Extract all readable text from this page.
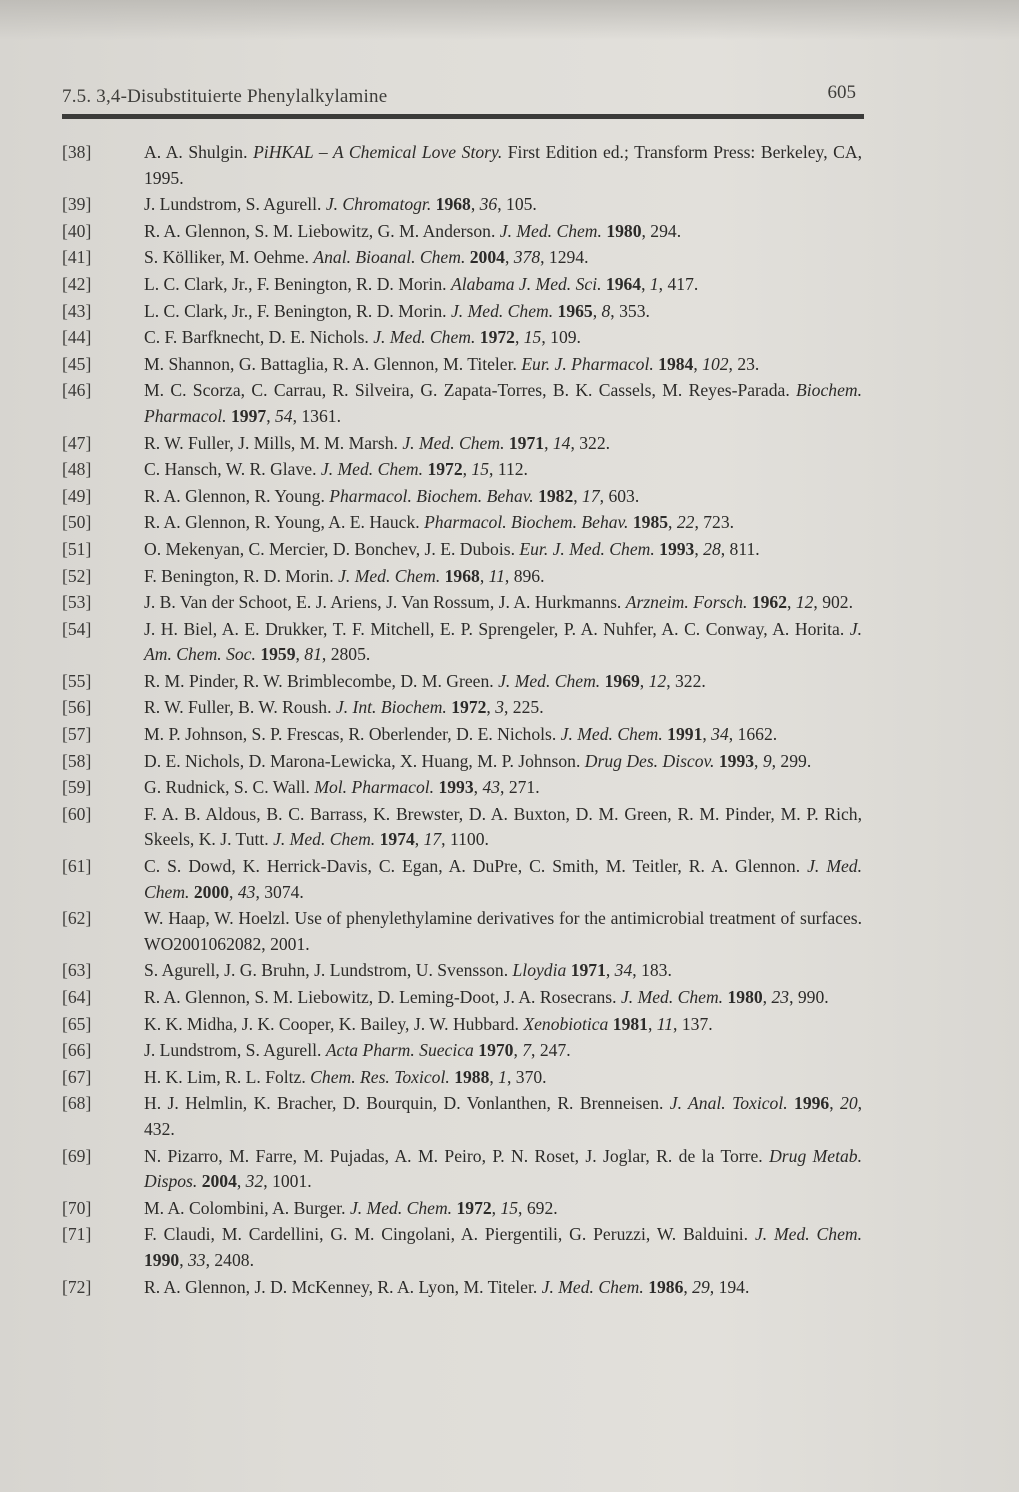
7.5. 3,4-Disubstituierte Phenylalkylamine	605
[38]	A. A. Shulgin. PiHKAL – A Chemical Love Story. First Edition ed.; Transform Press: Berkeley, CA, 1995.
[39]	J. Lundstrom, S. Agurell. J. Chromatogr. 1968, 36, 105.
[40]	R. A. Glennon, S. M. Liebowitz, G. M. Anderson. J. Med. Chem. 1980, 294.
[41]	S. Kölliker, M. Oehme. Anal. Bioanal. Chem. 2004, 378, 1294.
[42]	L. C. Clark, Jr., F. Benington, R. D. Morin. Alabama J. Med. Sci. 1964, 1, 417.
[43]	L. C. Clark, Jr., F. Benington, R. D. Morin. J. Med. Chem. 1965, 8, 353.
[44]	C. F. Barfknecht, D. E. Nichols. J. Med. Chem. 1972, 15, 109.
[45]	M. Shannon, G. Battaglia, R. A. Glennon, M. Titeler. Eur. J. Pharmacol. 1984, 102, 23.
[46]	M. C. Scorza, C. Carrau, R. Silveira, G. Zapata-Torres, B. K. Cassels, M. Reyes-Parada. Biochem. Pharmacol. 1997, 54, 1361.
[47]	R. W. Fuller, J. Mills, M. M. Marsh. J. Med. Chem. 1971, 14, 322.
[48]	C. Hansch, W. R. Glave. J. Med. Chem. 1972, 15, 112.
[49]	R. A. Glennon, R. Young. Pharmacol. Biochem. Behav. 1982, 17, 603.
[50]	R. A. Glennon, R. Young, A. E. Hauck. Pharmacol. Biochem. Behav. 1985, 22, 723.
[51]	O. Mekenyan, C. Mercier, D. Bonchev, J. E. Dubois. Eur. J. Med. Chem. 1993, 28, 811.
[52]	F. Benington, R. D. Morin. J. Med. Chem. 1968, 11, 896.
[53]	J. B. Van der Schoot, E. J. Ariens, J. Van Rossum, J. A. Hurkmanns. Arzneim. Forsch. 1962, 12, 902.
[54]	J. H. Biel, A. E. Drukker, T. F. Mitchell, E. P. Sprengeler, P. A. Nuhfer, A. C. Conway, A. Horita. J. Am. Chem. Soc. 1959, 81, 2805.
[55]	R. M. Pinder, R. W. Brimblecombe, D. M. Green. J. Med. Chem. 1969, 12, 322.
[56]	R. W. Fuller, B. W. Roush. J. Int. Biochem. 1972, 3, 225.
[57]	M. P. Johnson, S. P. Frescas, R. Oberlender, D. E. Nichols. J. Med. Chem. 1991, 34, 1662.
[58]	D. E. Nichols, D. Marona-Lewicka, X. Huang, M. P. Johnson. Drug Des. Discov. 1993, 9, 299.
[59]	G. Rudnick, S. C. Wall. Mol. Pharmacol. 1993, 43, 271.
[60]	F. A. B. Aldous, B. C. Barrass, K. Brewster, D. A. Buxton, D. M. Green, R. M. Pinder, M. P. Rich, Skeels, K. J. Tutt. J. Med. Chem. 1974, 17, 1100.
[61]	C. S. Dowd, K. Herrick-Davis, C. Egan, A. DuPre, C. Smith, M. Teitler, R. A. Glennon. J. Med. Chem. 2000, 43, 3074.
[62]	W. Haap, W. Hoelzl. Use of phenylethylamine derivatives for the antimicrobial treatment of surfaces. WO2001062082, 2001.
[63]	S. Agurell, J. G. Bruhn, J. Lundstrom, U. Svensson. Lloydia 1971, 34, 183.
[64]	R. A. Glennon, S. M. Liebowitz, D. Leming-Doot, J. A. Rosecrans. J. Med. Chem. 1980, 23, 990.
[65]	K. K. Midha, J. K. Cooper, K. Bailey, J. W. Hubbard. Xenobiotica 1981, 11, 137.
[66]	J. Lundstrom, S. Agurell. Acta Pharm. Suecica 1970, 7, 247.
[67]	H. K. Lim, R. L. Foltz. Chem. Res. Toxicol. 1988, 1, 370.
[68]	H. J. Helmlin, K. Bracher, D. Bourquin, D. Vonlanthen, R. Brenneisen. J. Anal. Toxicol. 1996, 20, 432.
[69]	N. Pizarro, M. Farre, M. Pujadas, A. M. Peiro, P. N. Roset, J. Joglar, R. de la Torre. Drug Metab. Dispos. 2004, 32, 1001.
[70]	M. A. Colombini, A. Burger. J. Med. Chem. 1972, 15, 692.
[71]	F. Claudi, M. Cardellini, G. M. Cingolani, A. Piergentili, G. Peruzzi, W. Balduini. J. Med. Chem. 1990, 33, 2408.
[72]	R. A. Glennon, J. D. McKenney, R. A. Lyon, M. Titeler. J. Med. Chem. 1986, 29, 194.
